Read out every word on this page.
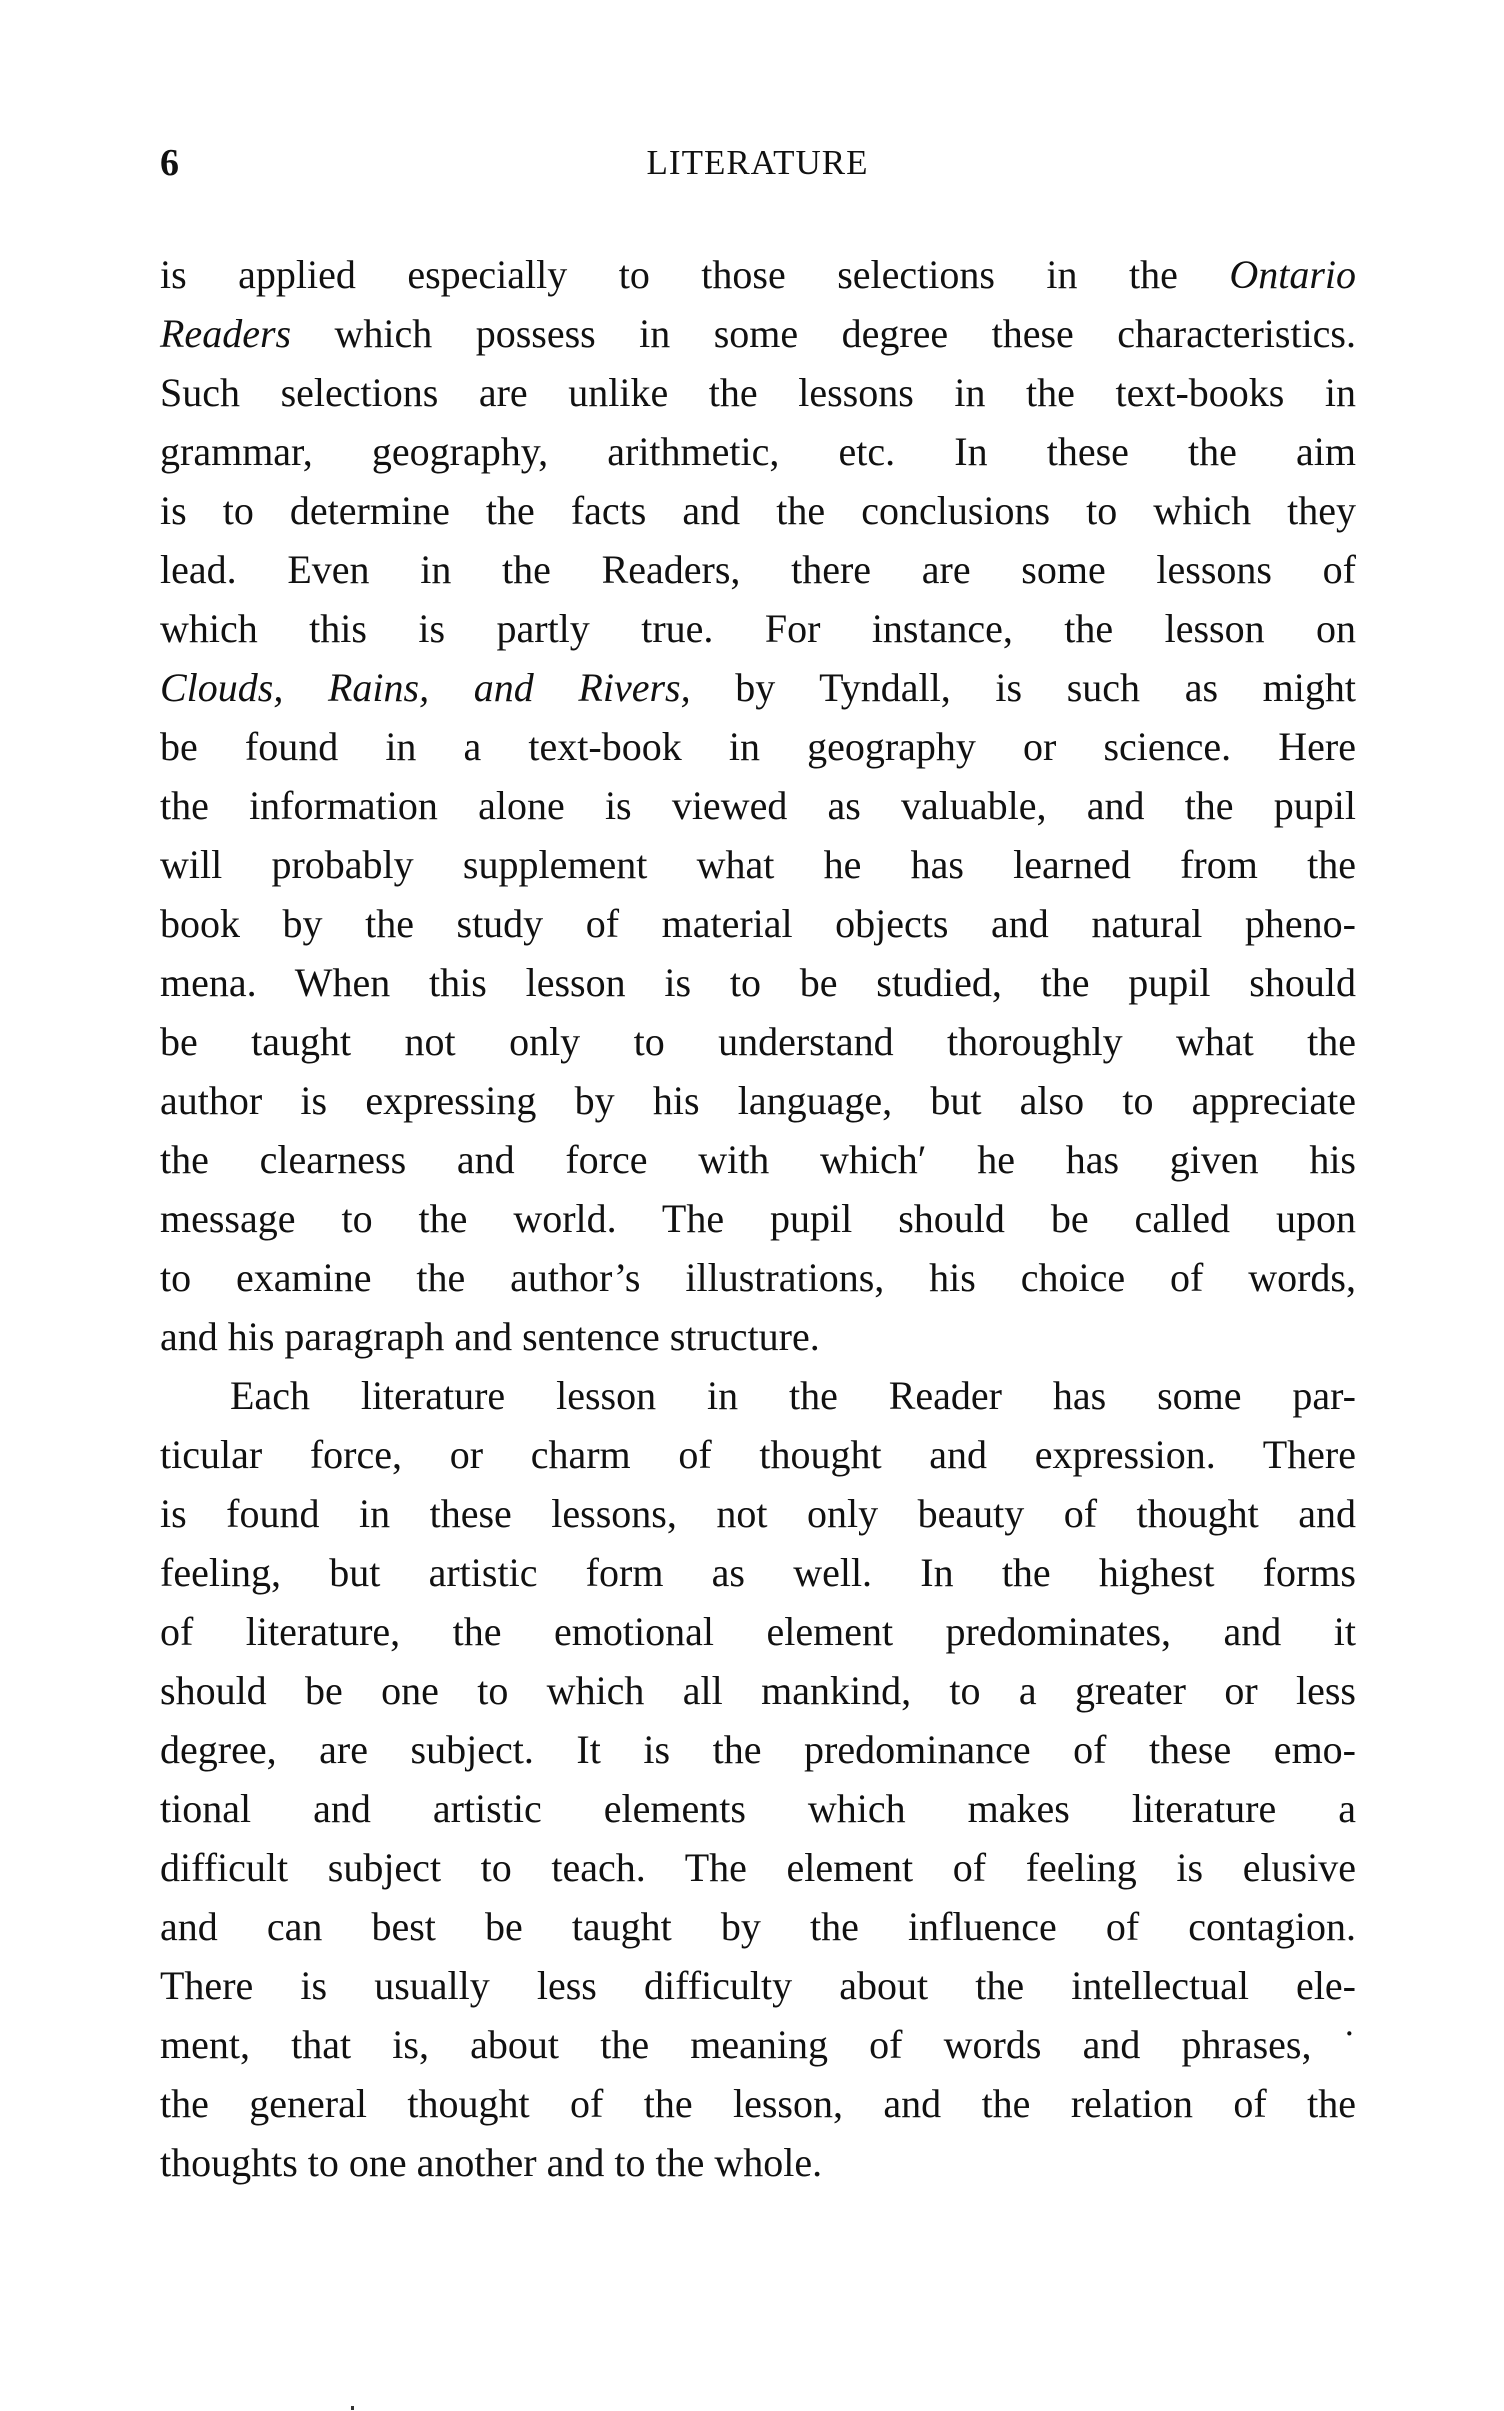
6	LITERATURE
is applied especially to those selections in the Ontario
Readers which possess in some degree these characteristics.
Such selections are unlike the lessons in the text-books in
grammar, geography, arithmetic, etc. In these the aim
is to determine the facts and the conclusions to which they
lead. Even in the Readers, there are some lessons of
which this is partly true. For instance, the lesson on
Clouds, Rains, and Rivers, by Tyndall, is such as might
be found in a text-book in geography or science. Here
the information alone is viewed as valuable, and the pupil
will probably supplement what he has learned from the
book by the study of material objects and natural pheno-
mena. When this lesson is to be studied, the pupil should
be taught not only to understand thoroughly what the
author is expressing by his language, but also to appreciate
the clearness and force with whichʹ he has given his
message to the world. The pupil should be called upon
to examine the author’s illustrations, his choice of words,
and his paragraph and sentence structure.
Each literature lesson in the Reader has some par-
ticular force, or charm of thought and expression. There
is found in these lessons, not only beauty of thought and
feeling, but artistic form as well. In the highest forms
of literature, the emotional element predominates, and it
should be one to which all mankind, to a greater or less
degree, are subject. It is the predominance of these emo-
tional and artistic elements which makes literature a
difficult subject to teach. The element of feeling is elusive
and can best be taught by the influence of contagion.
There is usually less difficulty about the intellectual ele-
ment, that is, about the meaning of words and phrases,˙
the general thought of the lesson, and the relation of the
thoughts to one another and to the whole.
